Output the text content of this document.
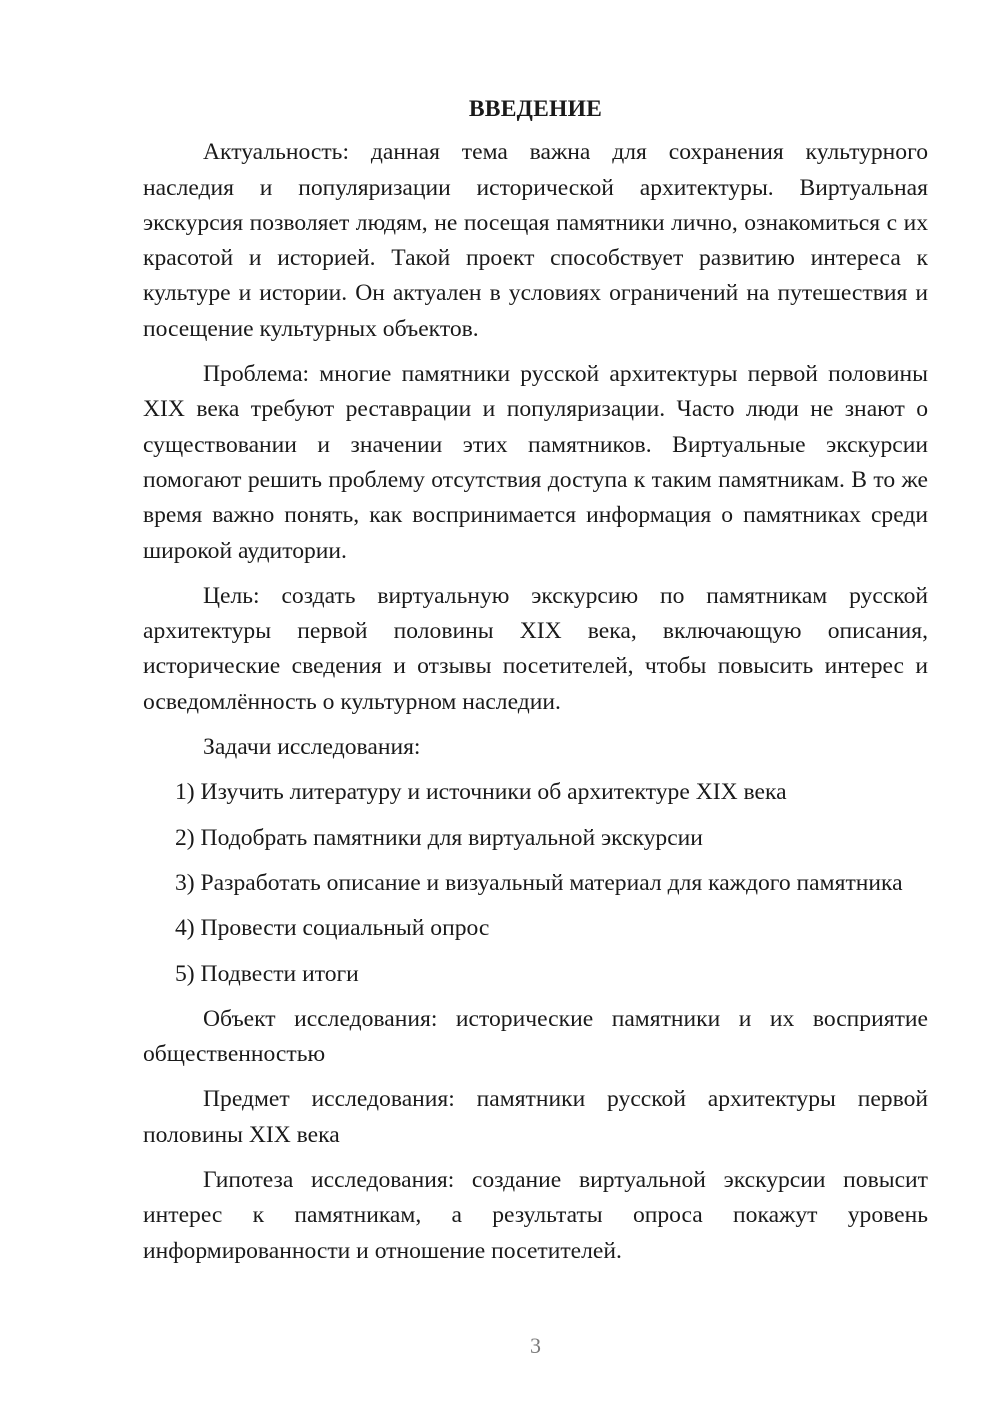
ВВЕДЕНИЕ

Актуальность: данная тема важна для сохранения культурного наследия и популяризации исторической архитектуры. Виртуальная экскурсия позволяет людям, не посещая памятники лично, ознакомиться с их красотой и историей. Такой проект способствует развитию интереса к культуре и истории. Он актуален в условиях ограничений на путешествия и посещение культурных объектов.

Проблема: многие памятники русской архитектуры первой половины XIX века требуют реставрации и популяризации. Часто люди не знают о существовании и значении этих памятников. Виртуальные экскурсии помогают решить проблему отсутствия доступа к таким памятникам. В то же время важно понять, как воспринимается информация о памятниках среди широкой аудитории.

Цель: создать виртуальную экскурсию по памятникам русской архитектуры первой половины XIX века, включающую описания, исторические сведения и отзывы посетителей, чтобы повысить интерес и осведомлённость о культурном наследии.

Задачи исследования:

1) Изучить литературу и источники об архитектуре XIX века
2) Подобрать памятники для виртуальной экскурсии
3) Разработать описание и визуальный материал для каждого памятника
4) Провести социальный опрос
5) Подвести итоги

Объект исследования: исторические памятники и их восприятие общественностью

Предмет исследования: памятники русской архитектуры первой половины XIX века

Гипотеза исследования: создание виртуальной экскурсии повысит интерес к памятникам, а результаты опроса покажут уровень информированности и отношение посетителей.

3
